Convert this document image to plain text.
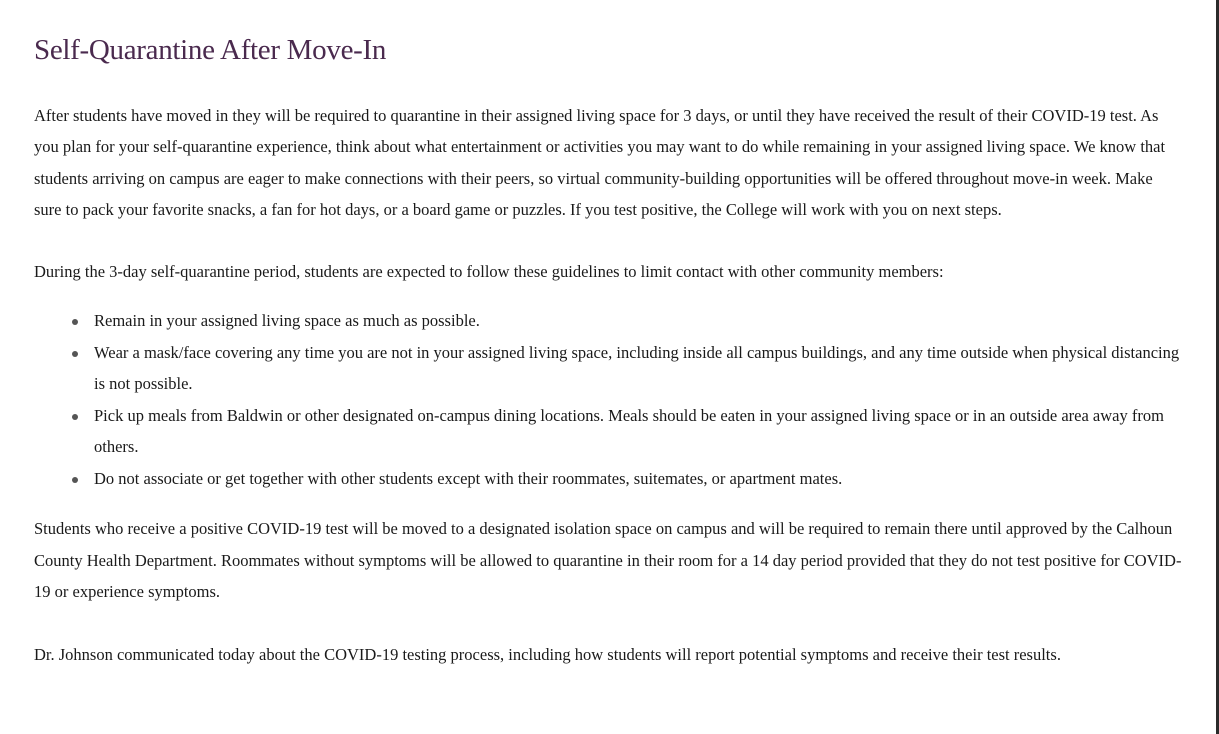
Self-Quarantine After Move-In

After students have moved in they will be required to quarantine in their assigned living space for 3 days, or until they have received the result of their COVID-19 test. As you plan for your self-quarantine experience, think about what entertainment or activities you may want to do while remaining in your assigned living space. We know that students arriving on campus are eager to make connections with their peers, so virtual community-building opportunities will be offered throughout move-in week. Make sure to pack your favorite snacks, a fan for hot days, or a board game or puzzles. If you test positive, the College will work with you on next steps.

During the 3-day self-quarantine period, students are expected to follow these guidelines to limit contact with other community members:

Remain in your assigned living space as much as possible.
Wear a mask/face covering any time you are not in your assigned living space, including inside all campus buildings, and any time outside when physical distancing is not possible.
Pick up meals from Baldwin or other designated on-campus dining locations. Meals should be eaten in your assigned living space or in an outside area away from others.
Do not associate or get together with other students except with their roommates, suitemates, or apartment mates.

Students who receive a positive COVID-19 test will be moved to a designated isolation space on campus and will be required to remain there until approved by the Calhoun County Health Department. Roommates without symptoms will be allowed to quarantine in their room for a 14 day period provided that they do not test positive for COVID-19 or experience symptoms.

Dr. Johnson communicated today about the COVID-19 testing process, including how students will report potential symptoms and receive their test results.
